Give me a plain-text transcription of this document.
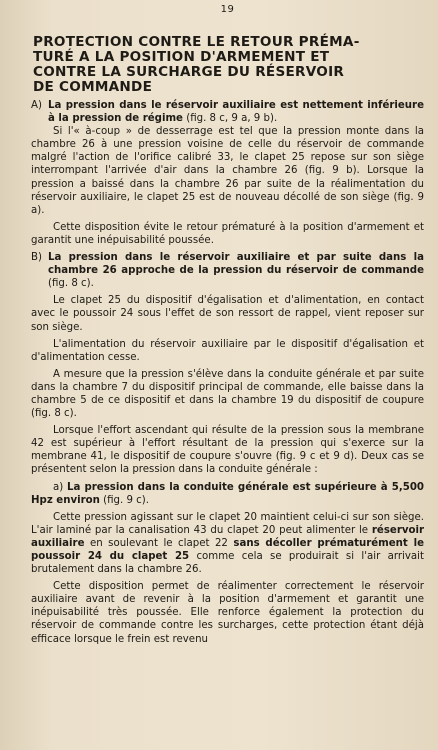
19
PROTECTION CONTRE LE RETOUR PRÉMA-
TURÉ A LA POSITION D'ARMEMENT ET
CONTRE LA SURCHARGE DU RÉSERVOIR
DE COMMANDE
A) La pression dans le réservoir auxiliaire est nettement inférieure à la pression de régime (fig. 8 c, 9 a, 9 b).

Si l'« à-coup » de desserrage est tel que la pression monte dans la chambre 26 à une pression voisine de celle du réservoir de commande malgré l'action de l'orifice calibré 33, le clapet 25 repose sur son siège interrompant l'arrivée d'air dans la chambre 26 (fig. 9 b). Lorsque la pression a baissé dans la chambre 26 par suite de la réalimentation du réservoir auxiliaire, le clapet 25 est de nouveau décollé de son siège (fig. 9 a).

Cette disposition évite le retour prématuré à la position d'armement et garantit une inépuisabilité poussée.

B) La pression dans le réservoir auxiliaire et par suite dans la chambre 26 approche de la pression du réservoir de commande (fig. 8 c).

Le clapet 25 du dispositif d'égalisation et d'alimentation, en contact avec le poussoir 24 sous l'effet de son ressort de rappel, vient reposer sur son siège.

L'alimentation du réservoir auxiliaire par le dispositif d'égalisation et d'alimentation cesse.

A mesure que la pression s'élève dans la conduite générale et par suite dans la chambre 7 du dispositif principal de commande, elle baisse dans la chambre 5 de ce dispositif et dans la chambre 19 du dispositif de coupure (fig. 8 c).

Lorsque l'effort ascendant qui résulte de la pression sous la membrane 42 est supérieur à l'effort résultant de la pression qui s'exerce sur la membrane 41, le dispositif de coupure s'ouvre (fig. 9 c et 9 d). Deux cas se présentent selon la pression dans la conduite générale :

a) La pression dans la conduite générale est supérieure à 5,500 Hpz environ (fig. 9 c).

Cette pression agissant sur le clapet 20 maintient celui-ci sur son siège. L'air laminé par la canalisation 43 du clapet 20 peut alimenter le réservoir auxiliaire en soulevant le clapet 22 sans décoller prématurément le poussoir 24 du clapet 25 comme cela se produirait si l'air arrivait brutalement dans la chambre 26.

Cette disposition permet de réalimenter correctement le réservoir auxiliaire avant de revenir à la position d'armement et garantit une inépuisabilité très poussée. Elle renforce également la protection du réservoir de commande contre les surcharges, cette protection étant déjà efficace lorsque le frein est revenu
